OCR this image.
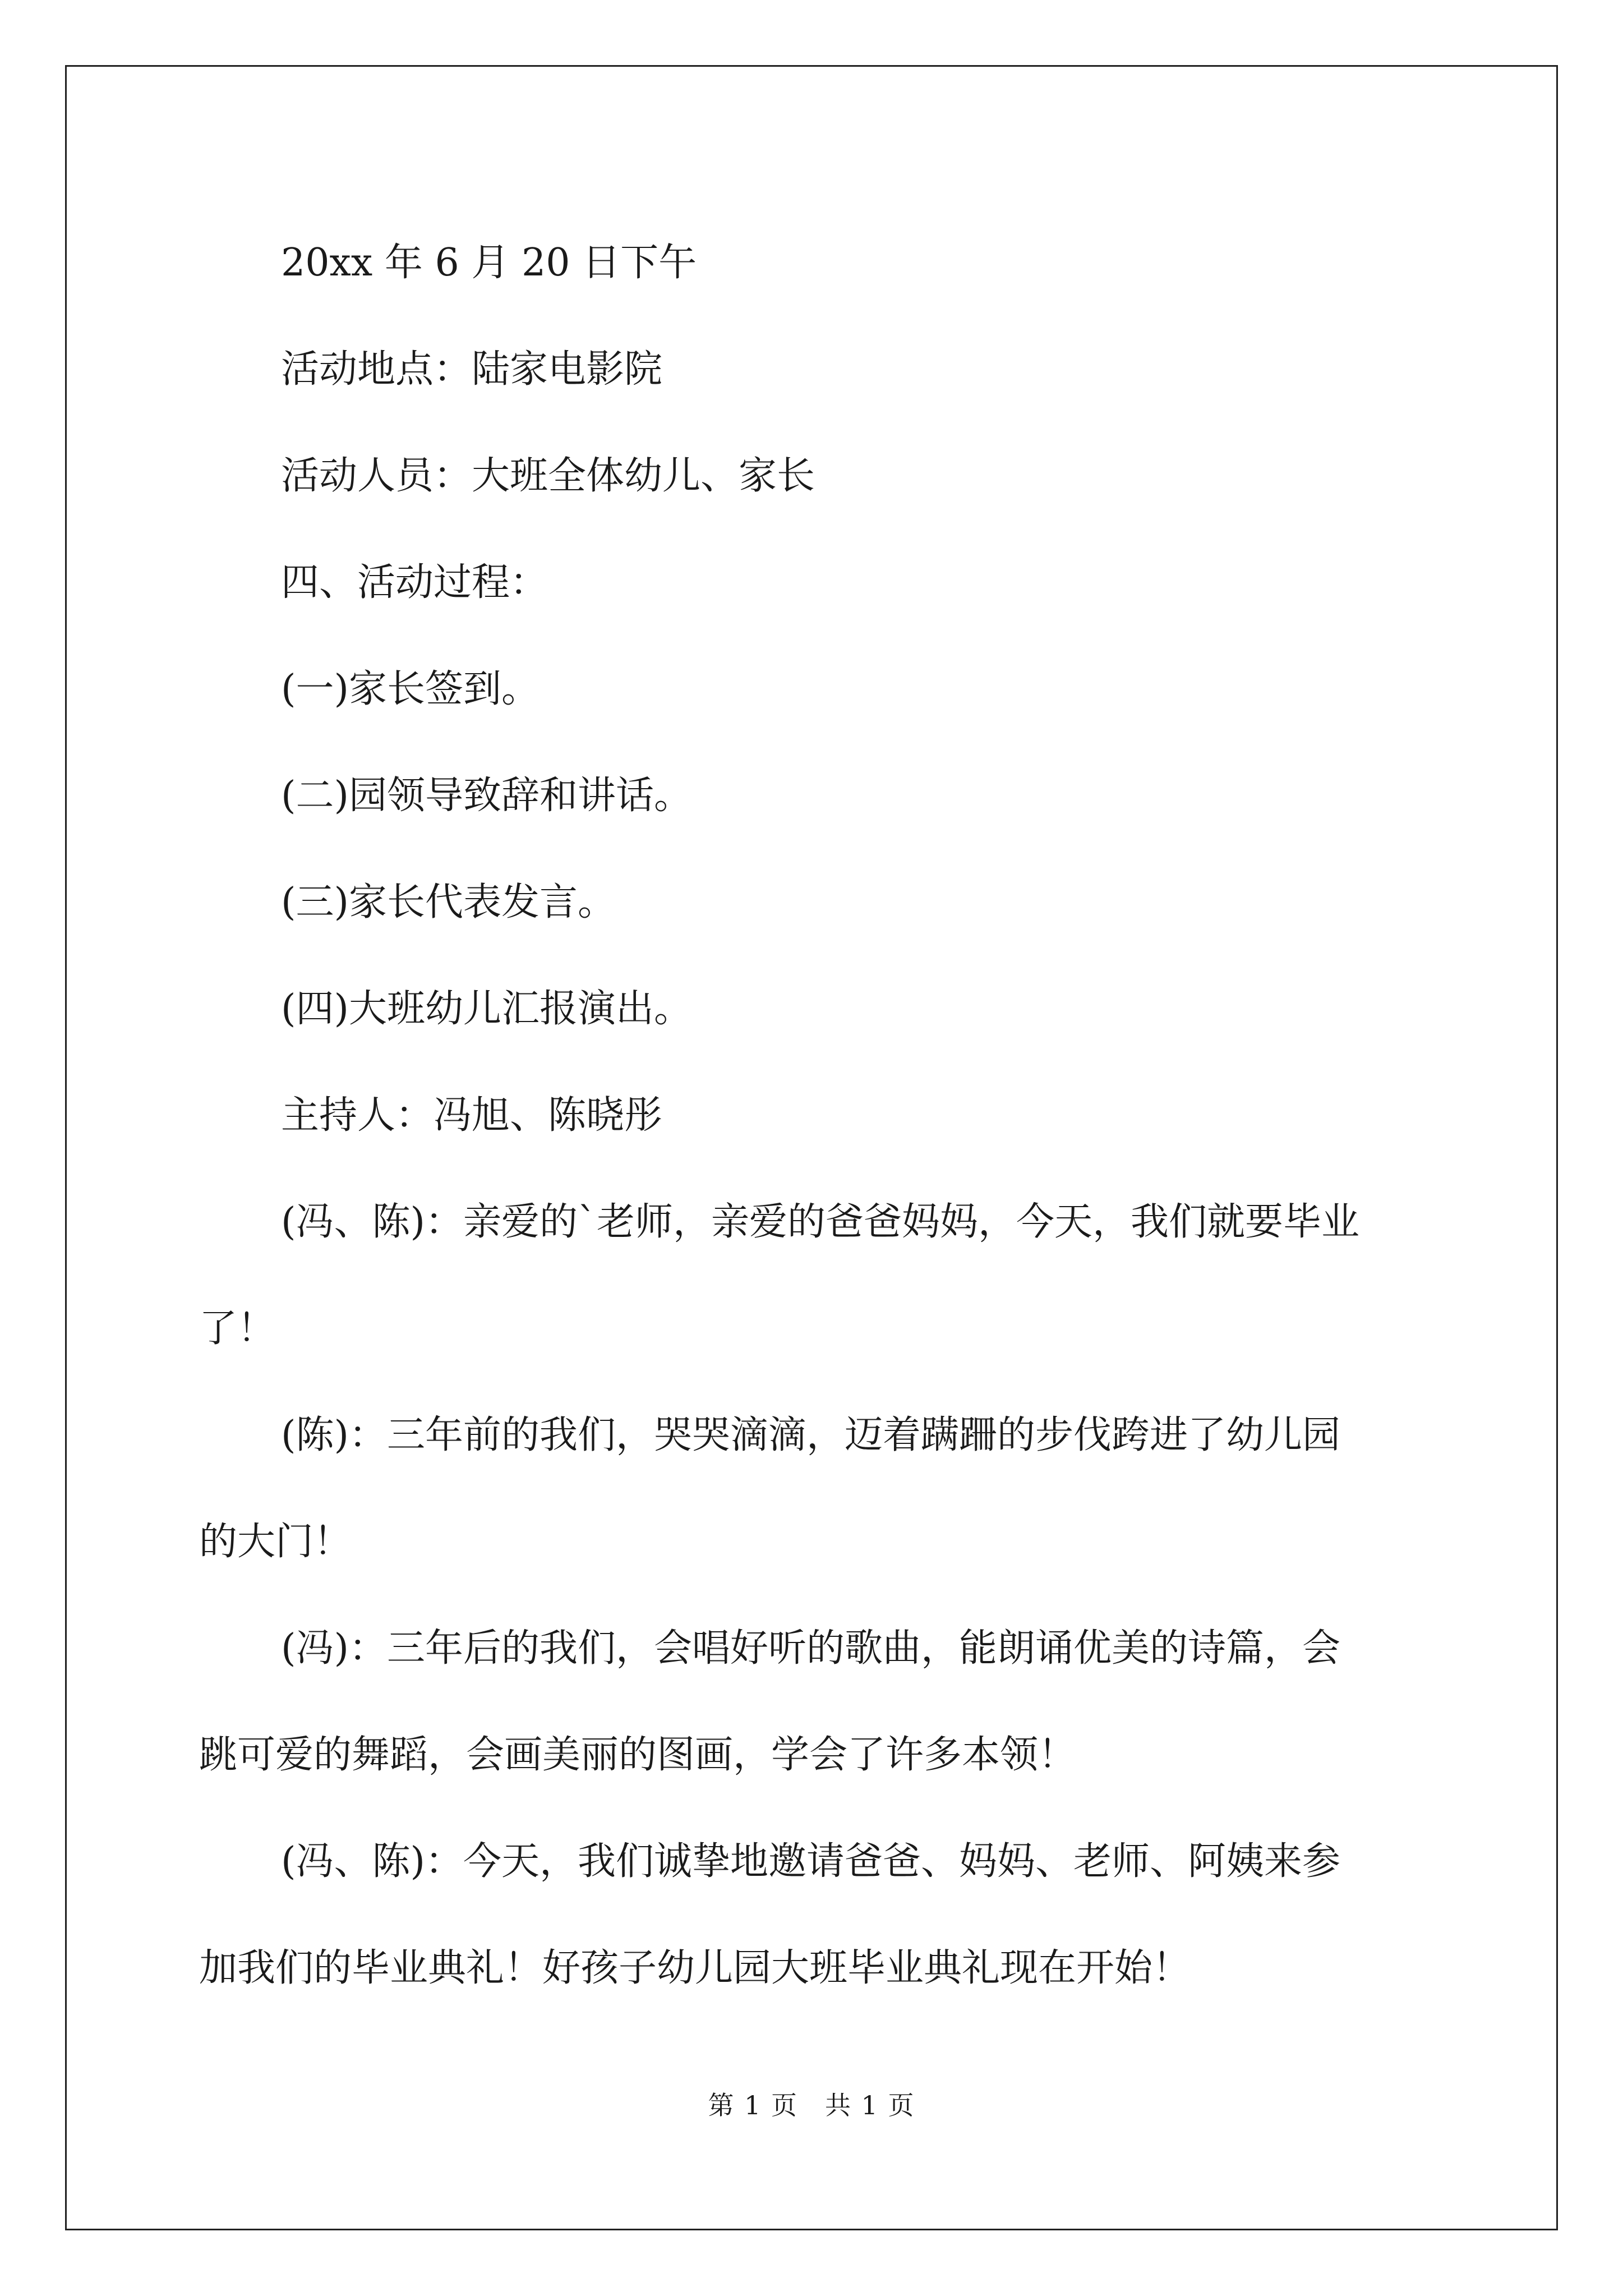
20xx 年 6 月 20 日下午

活动地点：陆家电影院

活动人员：大班全体幼儿、家长

四、活动过程：

(一)家长签到。

(二)园领导致辞和讲话。

(三)家长代表发言。

(四)大班幼儿汇报演出。

主持人：冯旭、陈晓彤

(冯、陈)：亲爱的`老师，亲爱的爸爸妈妈，今天，我们就要毕业

了！

(陈)：三年前的我们，哭哭滴滴，迈着蹒跚的步伐跨进了幼儿园

的大门！

(冯)：三年后的我们，会唱好听的歌曲，能朗诵优美的诗篇，会

跳可爱的舞蹈，会画美丽的图画，学会了许多本领！

(冯、陈)：今天，我们诚挚地邀请爸爸、妈妈、老师、阿姨来参

加我们的毕业典礼！好孩子幼儿园大班毕业典礼现在开始！

第 1 页　共 1 页
